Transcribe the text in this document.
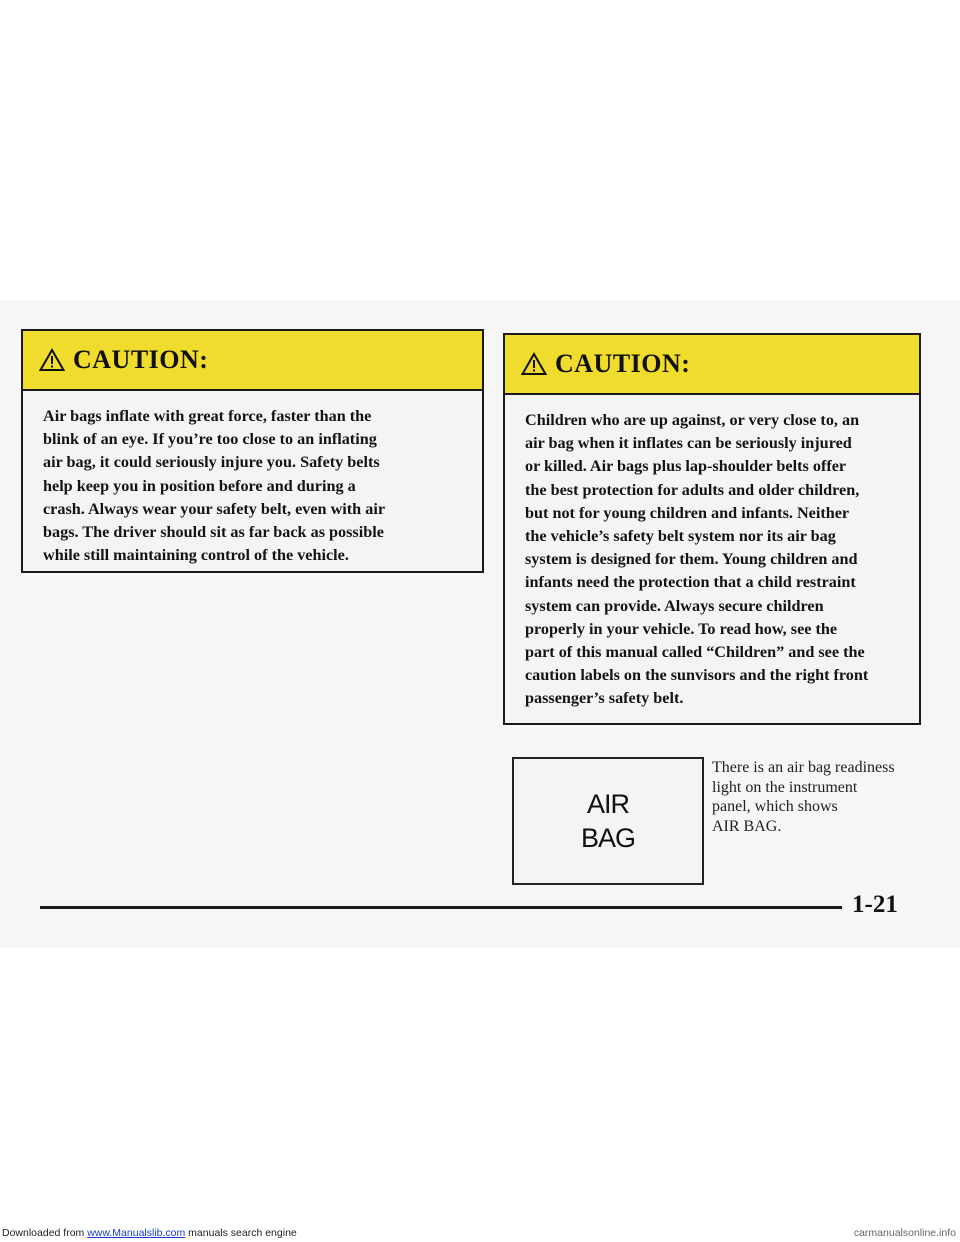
CAUTION:
Air bags inflate with great force, faster than the
blink of an eye. If you’re too close to an inflating
air bag, it could seriously injure you. Safety belts
help keep you in position before and during a
crash. Always wear your safety belt, even with air
bags. The driver should sit as far back as possible
while still maintaining control of the vehicle.
CAUTION:
Children who are up against, or very close to, an
air bag when it inflates can be seriously injured
or killed. Air bags plus lap-shoulder belts offer
the best protection for adults and older children,
but not for young children and infants. Neither
the vehicle’s safety belt system nor its air bag
system is designed for them. Young children and
infants need the protection that a child restraint
system can provide. Always secure children
properly in your vehicle. To read how, see the
part of this manual called “Children” and see the
caution labels on the sunvisors and the right front
passenger’s safety belt.
AIR
BAG
There is an air bag readiness
light on the instrument
panel, which shows
AIR BAG.
1-21
Downloaded from www.Manualslib.com manuals search engine	carmanualsonline.info
